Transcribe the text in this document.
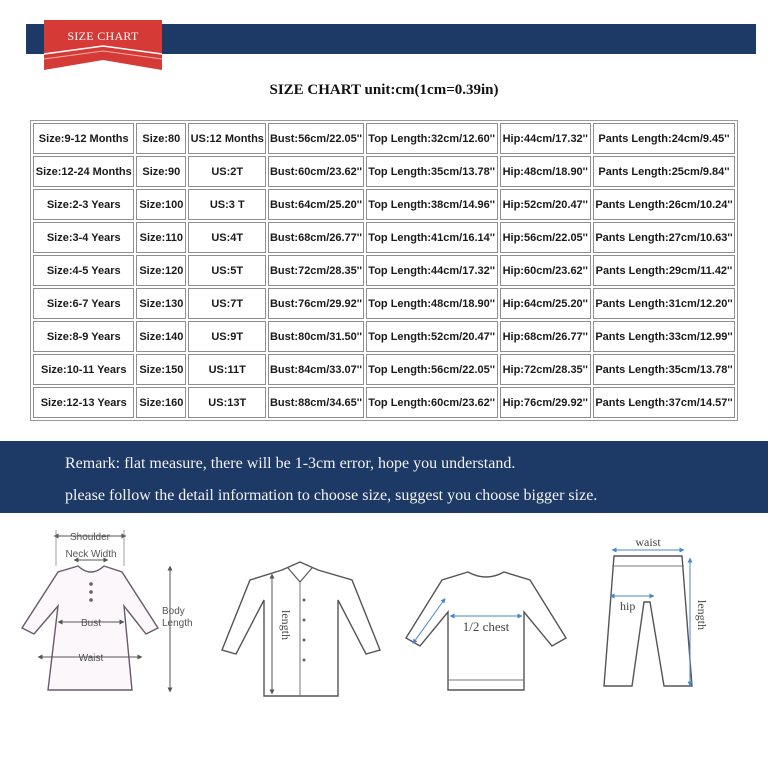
SIZE CHART
SIZE CHART unit:cm(1cm=0.39in)
Size:9-12 Months	Size:80	US:12 Months	Bust:56cm/22.05''	Top Length:32cm/12.60''	Hip:44cm/17.32''	Pants Length:24cm/9.45''
Size:12-24 Months	Size:90	US:2T	Bust:60cm/23.62''	Top Length:35cm/13.78''	Hip:48cm/18.90''	Pants Length:25cm/9.84''
Size:2-3 Years	Size:100	US:3 T	Bust:64cm/25.20''	Top Length:38cm/14.96''	Hip:52cm/20.47''	Pants Length:26cm/10.24''
Size:3-4 Years	Size:110	US:4T	Bust:68cm/26.77''	Top Length:41cm/16.14''	Hip:56cm/22.05''	Pants Length:27cm/10.63''
Size:4-5 Years	Size:120	US:5T	Bust:72cm/28.35''	Top Length:44cm/17.32''	Hip:60cm/23.62''	Pants Length:29cm/11.42''
Size:6-7 Years	Size:130	US:7T	Bust:76cm/29.92''	Top Length:48cm/18.90''	Hip:64cm/25.20''	Pants Length:31cm/12.20''
Size:8-9 Years	Size:140	US:9T	Bust:80cm/31.50''	Top Length:52cm/20.47''	Hip:68cm/26.77''	Pants Length:33cm/12.99''
Size:10-11 Years	Size:150	US:11T	Bust:84cm/33.07''	Top Length:56cm/22.05''	Hip:72cm/28.35''	Pants Length:35cm/13.78''
Size:12-13 Years	Size:160	US:13T	Bust:88cm/34.65''	Top Length:60cm/23.62''	Hip:76cm/29.92''	Pants Length:37cm/14.57''
Remark: flat measure, there will be 1-3cm error, hope you understand.
please follow the detail information to choose size, suggest you choose bigger size.
Shoulder
Neck Width
Bust
Waist
Body Length	length	1/2 chest
waist
hip	length
